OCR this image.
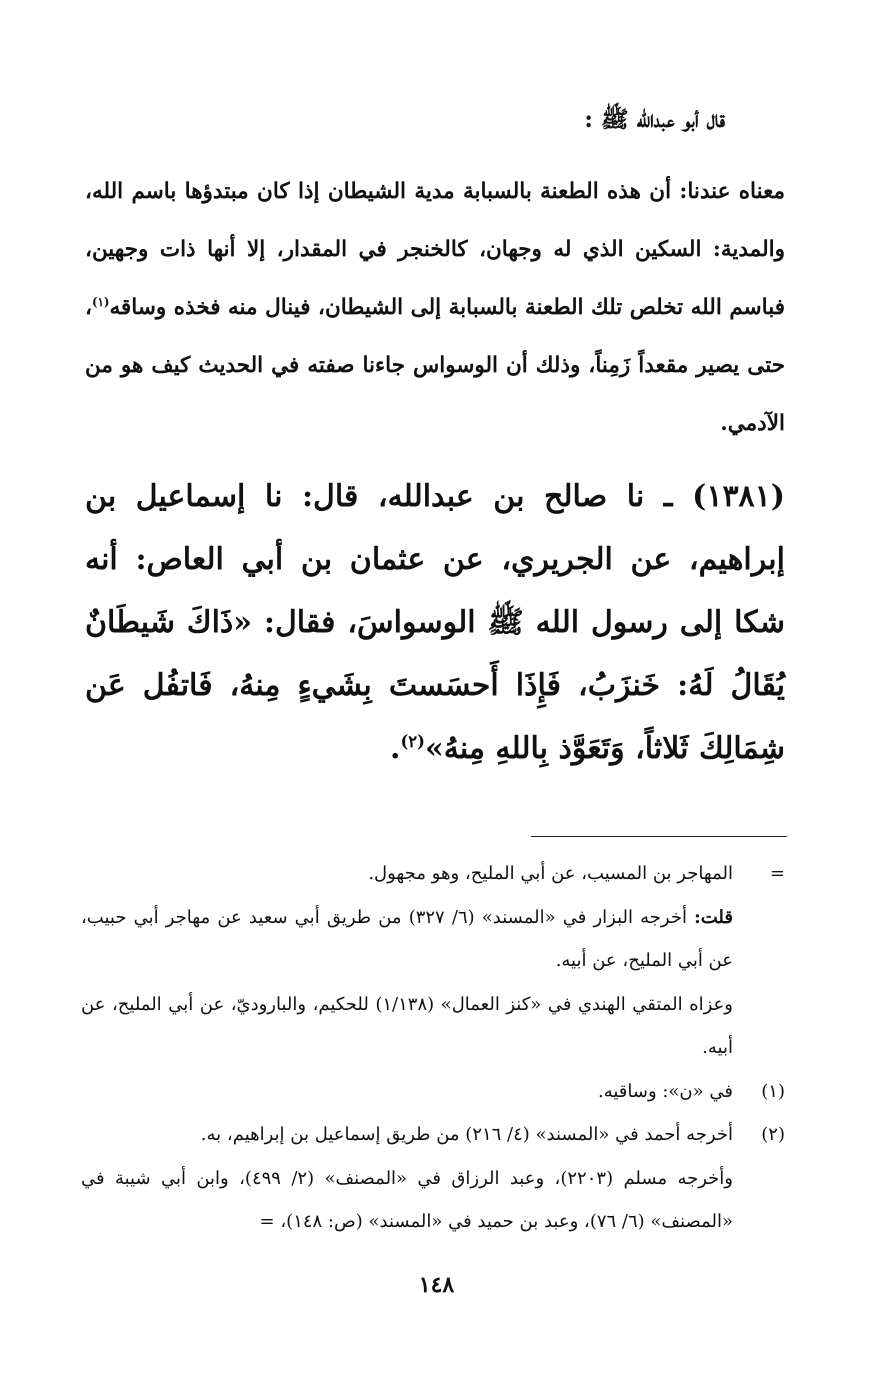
قال أبو عبدالله ﷺ :
معناه عندنا: أن هذه الطعنة بالسبابة مدية الشيطان إذا كان مبتدؤها باسم الله، والمدية: السكين الذي له وجهان، كالخنجر في المقدار، إلا أنها ذات وجهين، فباسم الله تخلص تلك الطعنة بالسبابة إلى الشيطان، فينال منه فخذه وساقه$^{(١)}$، حتى يصير مقعداً زَمِناً، وذلك أن الوسواس جاءنا صفته في الحديث كيف هو من الآدمي.
(١٣٨١) ـ نا صالح بن عبدالله، قال: نا إسماعيل بن إبراهيم، عن الجريري، عن عثمان بن أبي العاص: أنه شكا إلى رسول الله ﷺ الوسواسَ، فقال: «ذَاكَ شَيطَانٌ يُقَالُ لَهُ: خَنزَبُ، فَإِذَا أَحسَستَ بِشَيءٍ مِنهُ، فَاتفُل عَن شِمَالِكَ ثَلاثاً، وَتَعَوَّذ بِاللهِ مِنهُ»$^{(٢)}$.

=
المهاجر بن المسيب، عن أبي المليح، وهو مجهول.

قلت: أخرجه البزار في «المسند» (٦/ ٣٢٧) من طريق أبي سعيد عن مهاجر أبي حبيب، عن أبي المليح، عن أبيه.

وعزاه المتقي الهندي في «كنز العمال» (١/١٣٨) للحكيم، والباروديّ، عن أبي المليح، عن أبيه.

(١)
في «ن»: وساقيه.

(٢)
أخرجه أحمد في «المسند» (٤/ ٢١٦) من طريق إسماعيل بن إبراهيم، به.
وأخرجه مسلم (٢٢٠٣)، وعبد الرزاق في «المصنف» (٢/ ٤٩٩)، وابن أبي شيبة في «المصنف» (٦/ ٧٦)، وعبد بن حميد في «المسند» (ص: ١٤٨)، =

١٤٨
